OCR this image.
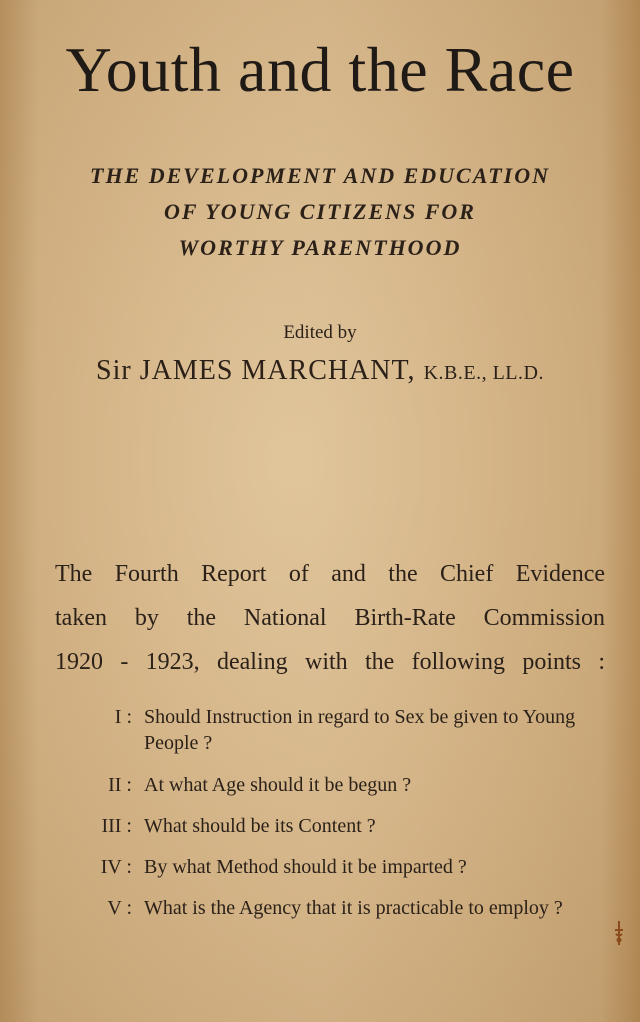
Youth and the Race
THE DEVELOPMENT AND EDUCATION
OF YOUNG CITIZENS FOR
WORTHY PARENTHOOD
Edited by
Sir JAMES MARCHANT, K.B.E., LL.D.
The Fourth Report of and the Chief Evidence
taken by the National Birth-Rate Commission
1920 - 1923, dealing with the following points :
I : Should Instruction in regard to Sex be given to Young People ?
II : At what Age should it be begun ?
III : What should be its Content ?
IV : By what Method should it be imparted ?
V : What is the Agency that it is practicable to employ ?
